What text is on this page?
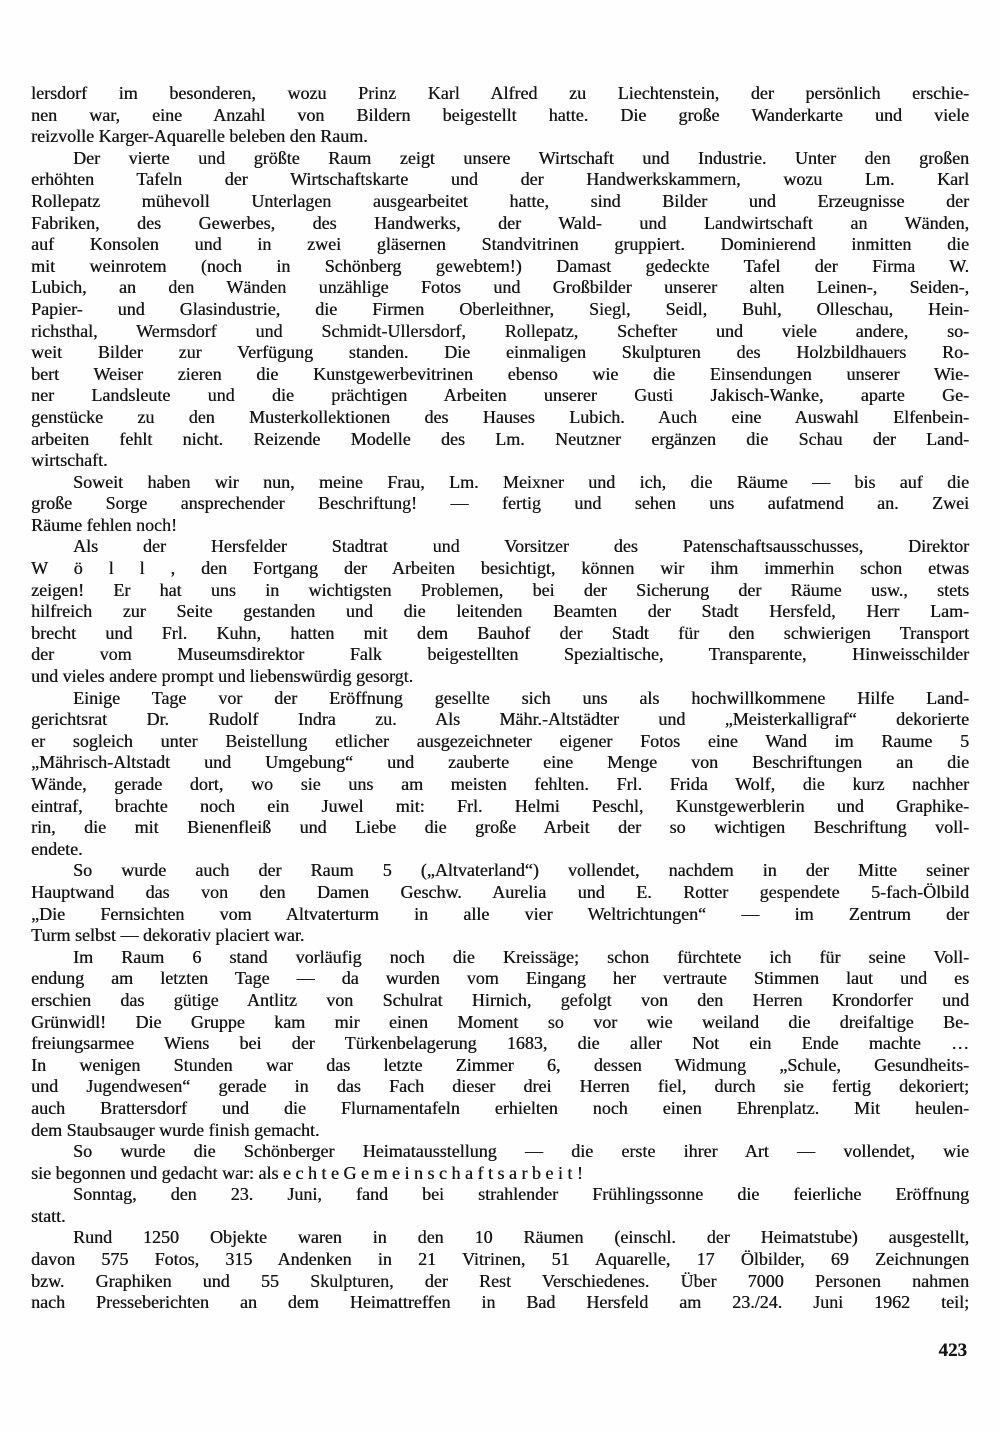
lersdorf im besonderen, wozu Prinz Karl Alfred zu Liechtenstein, der persönlich erschie-
nen war, eine Anzahl von Bildern beigestellt hatte. Die große Wanderkarte und viele
reizvolle Karger-Aquarelle beleben den Raum.
Der vierte und größte Raum zeigt unsere Wirtschaft und Industrie. Unter den großen
erhöhten Tafeln der Wirtschaftskarte und der Handwerkskammern, wozu Lm. Karl
Rollepatz mühevoll Unterlagen ausgearbeitet hatte, sind Bilder und Erzeugnisse der
Fabriken, des Gewerbes, des Handwerks, der Wald- und Landwirtschaft an Wänden,
auf Konsolen und in zwei gläsernen Standvitrinen gruppiert. Dominierend inmitten die
mit weinrotem (noch in Schönberg gewebtem!) Damast gedeckte Tafel der Firma W.
Lubich, an den Wänden unzählige Fotos und Großbilder unserer alten Leinen-, Seiden-,
Papier- und Glasindustrie, die Firmen Oberleithner, Siegl, Seidl, Buhl, Olleschau, Hein-
richsthal, Wermsdorf und Schmidt-Ullersdorf, Rollepatz, Schefter und viele andere, so-
weit Bilder zur Verfügung standen. Die einmaligen Skulpturen des Holzbildhauers Ro-
bert Weiser zieren die Kunstgewerbevitrinen ebenso wie die Einsendungen unserer Wie-
ner Landsleute und die prächtigen Arbeiten unserer Gusti Jakisch-Wanke, aparte Ge-
genstücke zu den Musterkollektionen des Hauses Lubich. Auch eine Auswahl Elfenbein-
arbeiten fehlt nicht. Reizende Modelle des Lm. Neutzner ergänzen die Schau der Land-
wirtschaft.
Soweit haben wir nun, meine Frau, Lm. Meixner und ich, die Räume — bis auf die
große Sorge ansprechender Beschriftung! — fertig und sehen uns aufatmend an. Zwei
Räume fehlen noch!
Als der Hersfelder Stadtrat und Vorsitzer des Patenschaftsausschusses, Direktor
W ö l l , den Fortgang der Arbeiten besichtigt, können wir ihm immerhin schon etwas
zeigen! Er hat uns in wichtigsten Problemen, bei der Sicherung der Räume usw., stets
hilfreich zur Seite gestanden und die leitenden Beamten der Stadt Hersfeld, Herr Lam-
brecht und Frl. Kuhn, hatten mit dem Bauhof der Stadt für den schwierigen Transport
der vom Museumsdirektor Falk beigestellten Spezialtische, Transparente, Hinweisschilder
und vieles andere prompt und liebenswürdig gesorgt.
Einige Tage vor der Eröffnung gesellte sich uns als hochwillkommene Hilfe Land-
gerichtsrat Dr. Rudolf Indra zu. Als Mähr.-Altstädter und „Meisterkalligraf“ dekorierte
er sogleich unter Beistellung etlicher ausgezeichneter eigener Fotos eine Wand im Raume 5
„Mährisch-Altstadt und Umgebung“ und zauberte eine Menge von Beschriftungen an die
Wände, gerade dort, wo sie uns am meisten fehlten. Frl. Frida Wolf, die kurz nachher
eintraf, brachte noch ein Juwel mit: Frl. Helmi Peschl, Kunstgewerblerin und Graphike-
rin, die mit Bienenfleiß und Liebe die große Arbeit der so wichtigen Beschriftung voll-
endete.
So wurde auch der Raum 5 („Altvaterland“) vollendet, nachdem in der Mitte seiner
Hauptwand das von den Damen Geschw. Aurelia und E. Rotter gespendete 5-fach-Ölbild
„Die Fernsichten vom Altvaterturm in alle vier Weltrichtungen“ — im Zentrum der
Turm selbst — dekorativ placiert war.
Im Raum 6 stand vorläufig noch die Kreissäge; schon fürchtete ich für seine Voll-
endung am letzten Tage — da wurden vom Eingang her vertraute Stimmen laut und es
erschien das gütige Antlitz von Schulrat Hirnich, gefolgt von den Herren Krondorfer und
Grünwidl! Die Gruppe kam mir einen Moment so vor wie weiland die dreifaltige Be-
freiungsarmee Wiens bei der Türkenbelagerung 1683, die aller Not ein Ende machte …
In wenigen Stunden war das letzte Zimmer 6, dessen Widmung „Schule, Gesundheits-
und Jugendwesen“ gerade in das Fach dieser drei Herren fiel, durch sie fertig dekoriert;
auch Brattersdorf und die Flurnamentafeln erhielten noch einen Ehrenplatz. Mit heulen-
dem Staubsauger wurde finish gemacht.
So wurde die Schönberger Heimatausstellung — die erste ihrer Art — vollendet, wie
sie begonnen und gedacht war: als e c h t e G e m e i n s c h a f t s a r b e i t !
Sonntag, den 23. Juni, fand bei strahlender Frühlingssonne die feierliche Eröffnung
statt.
Rund 1250 Objekte waren in den 10 Räumen (einschl. der Heimatstube) ausgestellt,
davon 575 Fotos, 315 Andenken in 21 Vitrinen, 51 Aquarelle, 17 Ölbilder, 69 Zeichnungen
bzw. Graphiken und 55 Skulpturen, der Rest Verschiedenes. Über 7000 Personen nahmen
nach Presseberichten an dem Heimattreffen in Bad Hersfeld am 23./24. Juni 1962 teil;
423
